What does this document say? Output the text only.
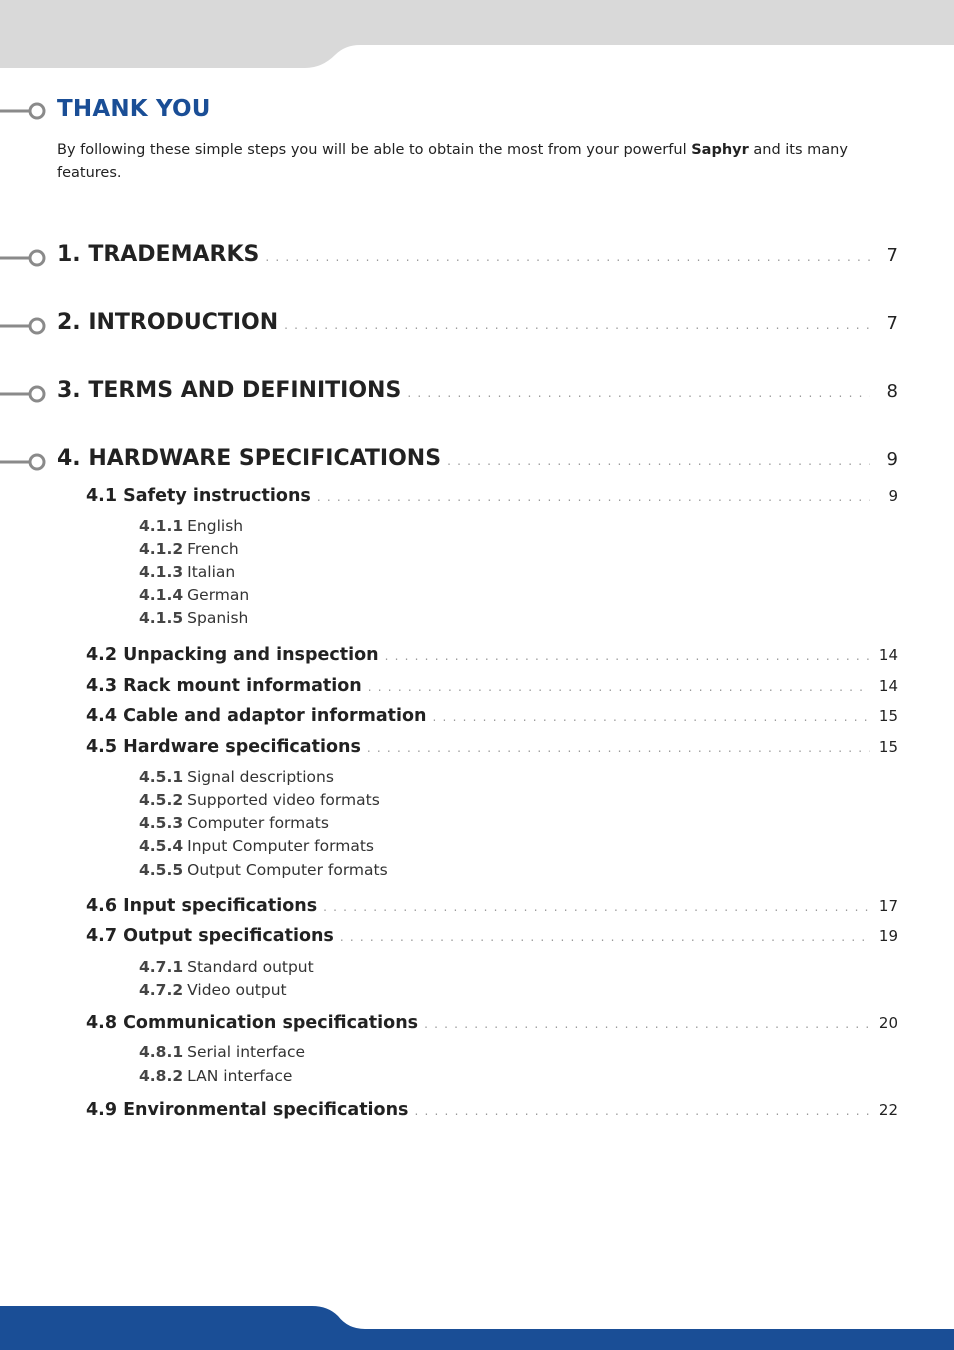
THANK YOU

By following these simple steps you will be able to obtain the most from your powerful Saphyr and its many features.

1. TRADEMARKS . . .	7
2. INTRODUCTION . . .	7
3. TERMS AND DEFINITIONS . . .	8
4. HARDWARE SPECIFICATIONS . . .	9
4.1 Safety instructions . . .	9
4.1.1 English
4.1.2 French
4.1.3 Italian
4.1.4 German
4.1.5 Spanish
4.2 Unpacking and inspection . . .	14
4.3 Rack mount information . . .	14
4.4 Cable and adaptor information . . .	15
4.5 Hardware specifications . . .	15
4.5.1 Signal descriptions
4.5.2 Supported video formats
4.5.3 Computer formats
4.5.4 Input Computer formats
4.5.5 Output Computer formats
4.6 Input specifications . . .	17
4.7 Output specifications . . .	19
4.7.1 Standard output
4.7.2 Video output
4.8 Communication specifications . . .	20
4.8.1 Serial interface
4.8.2 LAN interface
4.9 Environmental specifications . . .	22
